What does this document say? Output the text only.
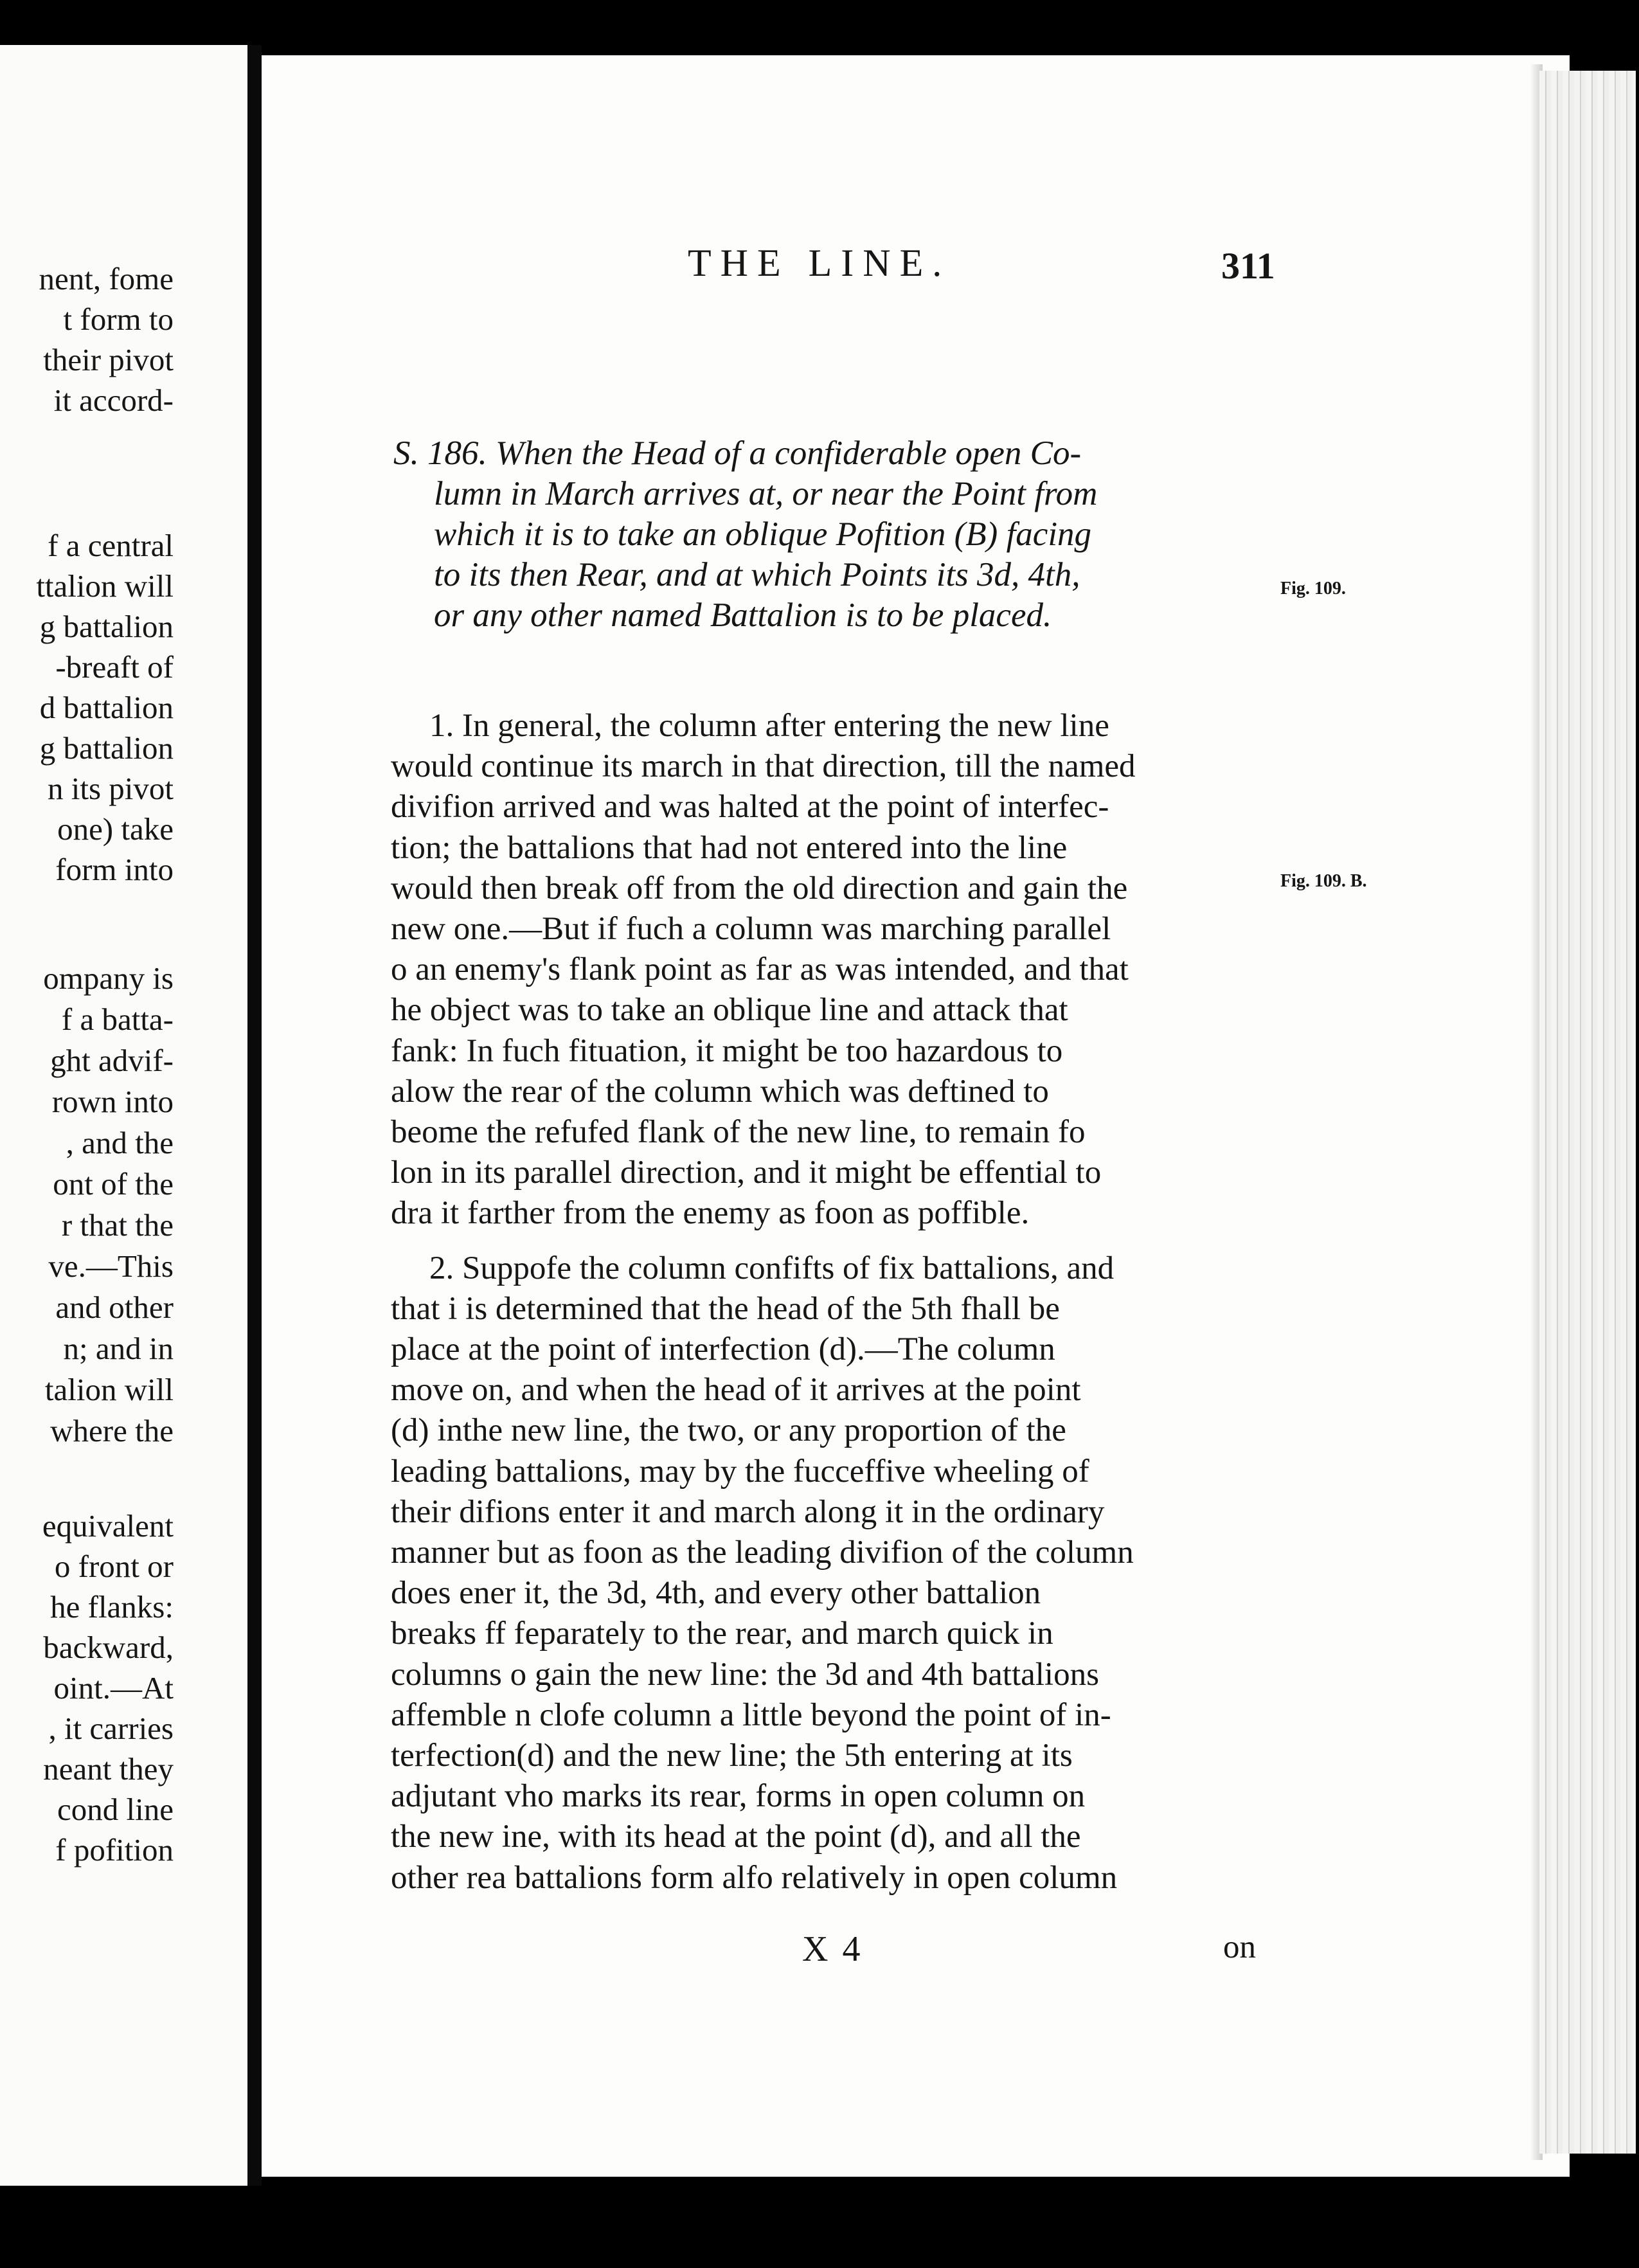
nent, fome
t form to
their pivot
it accord-
f a central
ttalion will
g battalion
-breaft of
d battalion
g battalion
n its pivot
one) take
form into
ompany is
f a batta-
ght advif-
rown into
, and the
ont of the
r that the
ve.—This
and other
n; and in
talion will
where the
equivalent
o front or
he flanks:
backward,
oint.—At
, it carries
neant they
cond line
f pofition
THE LINE.	311
S. 186. When the Head of a confiderable open Co-
lumn in March arrives at, or near the Point from
which it is to take an oblique Pofition (B) facing
to its then Rear, and at which Points its 3d, 4th,
or any other named Battalion is to be placed.
Fig. 109.
Fig. 109. B.
1. In general, the column after entering the new line
would continue its march in that direction, till the named
divifion arrived and was halted at the point of interfec-
tion; the battalions that had not entered into the line
would then break off from the old direction and gain the
new one.—But if fuch a column was marching parallel
o an enemy's flank point as far as was intended, and that
he object was to take an oblique line and attack that
fank: In fuch fituation, it might be too hazardous to
alow the rear of the column which was deftined to
beome the refufed flank of the new line, to remain fo
lon in its parallel direction, and it might be effential to
dra it farther from the enemy as foon as poffible.
2. Suppofe the column confifts of fix battalions, and
that i is determined that the head of the 5th fhall be
place at the point of interfection (d).—The column
move on, and when the head of it arrives at the point
(d) inthe new line, the two, or any proportion of the
leading battalions, may by the fucceffive wheeling of
their difions enter it and march along it in the ordinary
manner but as foon as the leading divifion of the column
does ener it, the 3d, 4th, and every other battalion
breaks ff feparately to the rear, and march quick in
columns o gain the new line: the 3d and 4th battalions
affemble n clofe column a little beyond the point of in-
terfection(d) and the new line; the 5th entering at its
adjutant vho marks its rear, forms in open column on
the new ine, with its head at the point (d), and all the
other rea battalions form alfo relatively in open column
X 4	on
